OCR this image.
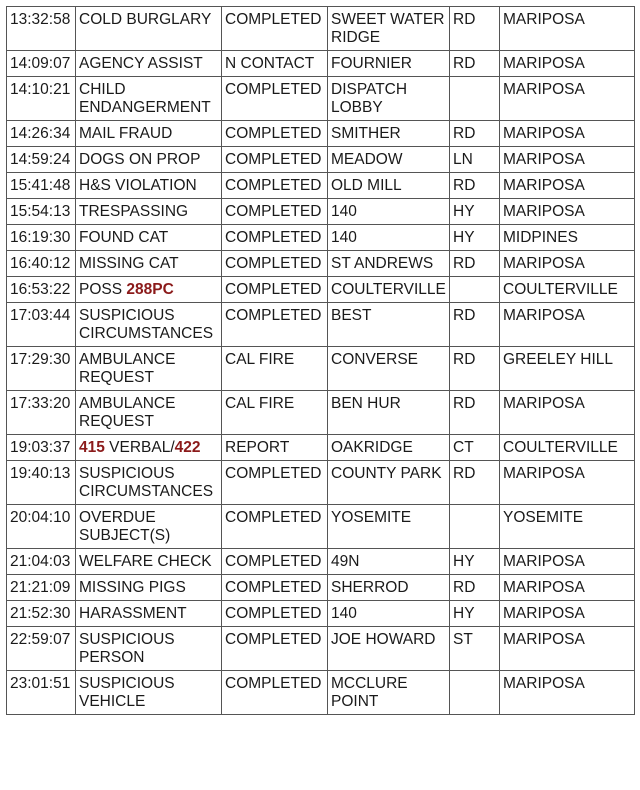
13:32:58	COLD BURGLARY	COMPLETED	SWEET WATER RIDGE	RD	MARIPOSA
14:09:07	AGENCY ASSIST	N CONTACT	FOURNIER	RD	MARIPOSA
14:10:21	CHILD ENDANGERMENT	COMPLETED	DISPATCH LOBBY		MARIPOSA
14:26:34	MAIL FRAUD	COMPLETED	SMITHER	RD	MARIPOSA
14:59:24	DOGS ON PROP	COMPLETED	MEADOW	LN	MARIPOSA
15:41:48	H&S VIOLATION	COMPLETED	OLD MILL	RD	MARIPOSA
15:54:13	TRESPASSING	COMPLETED	140	HY	MARIPOSA
16:19:30	FOUND CAT	COMPLETED	140	HY	MIDPINES
16:40:12	MISSING CAT	COMPLETED	ST ANDREWS	RD	MARIPOSA
16:53:22	POSS 288PC	COMPLETED	COULTERVILLE		COULTERVILLE
17:03:44	SUSPICIOUS CIRCUMSTANCES	COMPLETED	BEST	RD	MARIPOSA
17:29:30	AMBULANCE REQUEST	CAL FIRE	CONVERSE	RD	GREELEY HILL
17:33:20	AMBULANCE REQUEST	CAL FIRE	BEN HUR	RD	MARIPOSA
19:03:37	415 VERBAL/422	REPORT	OAKRIDGE	CT	COULTERVILLE
19:40:13	SUSPICIOUS CIRCUMSTANCES	COMPLETED	COUNTY PARK	RD	MARIPOSA
20:04:10	OVERDUE SUBJECT(S)	COMPLETED	YOSEMITE		YOSEMITE
21:04:03	WELFARE CHECK	COMPLETED	49N	HY	MARIPOSA
21:21:09	MISSING PIGS	COMPLETED	SHERROD	RD	MARIPOSA
21:52:30	HARASSMENT	COMPLETED	140	HY	MARIPOSA
22:59:07	SUSPICIOUS PERSON	COMPLETED	JOE HOWARD	ST	MARIPOSA
23:01:51	SUSPICIOUS VEHICLE	COMPLETED	MCCLURE POINT		MARIPOSA
